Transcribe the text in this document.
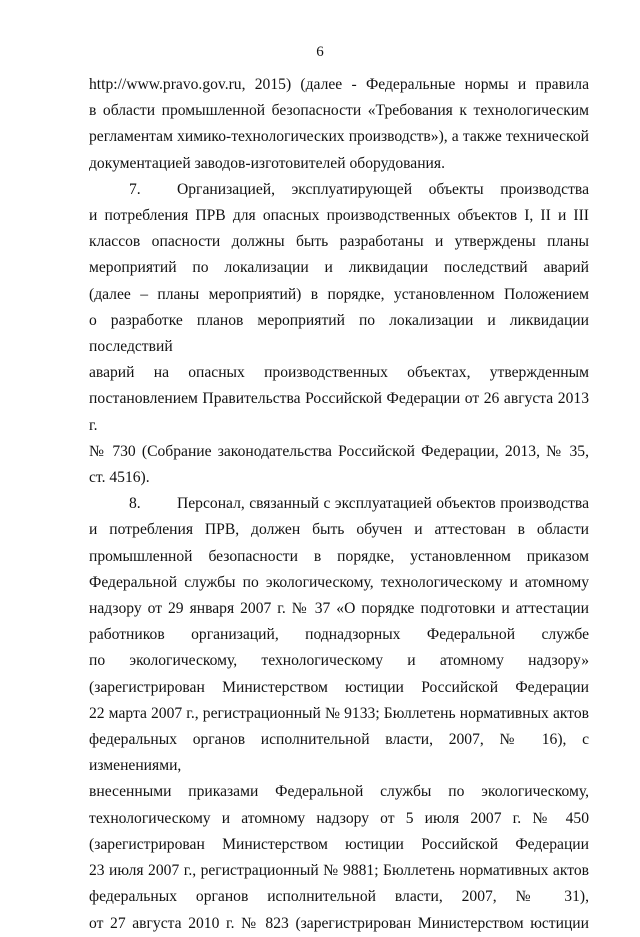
6
http://www.pravo.gov.ru, 2015) (далее - Федеральные нормы и правила
в области промышленной безопасности «Требования к технологическим
регламентам химико-технологических производств»), а также технической
документацией заводов-изготовителей оборудования.
7. Организацией, эксплуатирующей объекты производства
и потребления ПРВ для опасных производственных объектов I, II и III
классов опасности должны быть разработаны и утверждены планы
мероприятий по локализации и ликвидации последствий аварий
(далее – планы мероприятий) в порядке, установленном Положением
о разработке планов мероприятий по локализации и ликвидации последствий
аварий на опасных производственных объектах, утвержденным
постановлением Правительства Российской Федерации от 26 августа 2013 г.
№ 730 (Собрание законодательства Российской Федерации, 2013, № 35,
ст. 4516).
8. Персонал, связанный с эксплуатацией объектов производства
и потребления ПРВ, должен быть обучен и аттестован в области
промышленной безопасности в порядке, установленном приказом
Федеральной службы по экологическому, технологическому и атомному
надзору от 29 января 2007 г. № 37 «О порядке подготовки и аттестации
работников организаций, поднадзорных Федеральной службе
по экологическому, технологическому и атомному надзору»
(зарегистрирован Министерством юстиции Российской Федерации
22 марта 2007 г., регистрационный № 9133; Бюллетень нормативных актов
федеральных органов исполнительной власти, 2007, № 16), с изменениями,
внесенными приказами Федеральной службы по экологическому,
технологическому и атомному надзору от 5 июля 2007 г. № 450
(зарегистрирован Министерством юстиции Российской Федерации
23 июля 2007 г., регистрационный № 9881; Бюллетень нормативных актов
федеральных органов исполнительной власти, 2007, № 31),
от 27 августа 2010 г. № 823 (зарегистрирован Министерством юстиции
